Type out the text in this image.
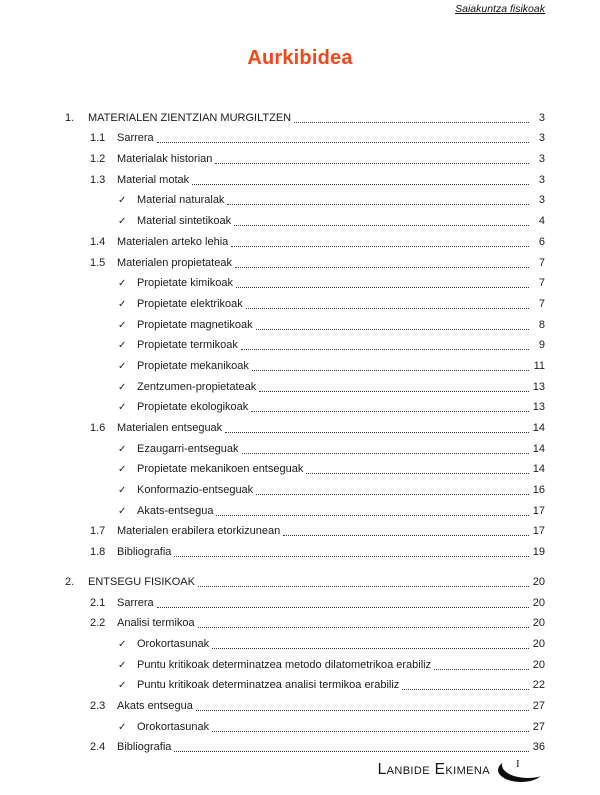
Saiakuntza fisikoak
Aurkibidea
1.	MATERIALEN ZIENTZIAN MURGILTZEN	3
1.1	Sarrera	3
1.2	Materialak historian	3
1.3	Material motak	3
✓ Material naturalak	3
✓ Material sintetikoak	4
1.4	Materialen arteko lehia	6
1.5	Materialen propietateak	7
✓ Propietate kimikoak	7
✓ Propietate elektrikoak	7
✓ Propietate magnetikoak	8
✓ Propietate termikoak	9
✓ Propietate mekanikoak	11
✓ Zentzumen-propietateak	13
✓ Propietate ekologikoak	13
1.6	Materialen entseguak	14
✓ Ezaugarri-entseguak	14
✓ Propietate mekanikoen entseguak	14
✓ Konformazio-entseguak	16
✓ Akats-entsegua	17
1.7	Materialen erabilera etorkizunean	17
1.8	Bibliografia	19
2.	ENTSEGU FISIKOAK	20
2.1	Sarrera	20
2.2	Analisi termikoa	20
✓ Orokortasunak	20
✓ Puntu kritikoak determinatzea metodo dilatometrikoa erabiliz	20
✓ Puntu kritikoak determinatzea analisi termikoa erabiliz	22
2.3	Akats entsegua	27
✓ Orokortasunak	27
2.4	Bibliografia	36
Lanbide Ekimena I
